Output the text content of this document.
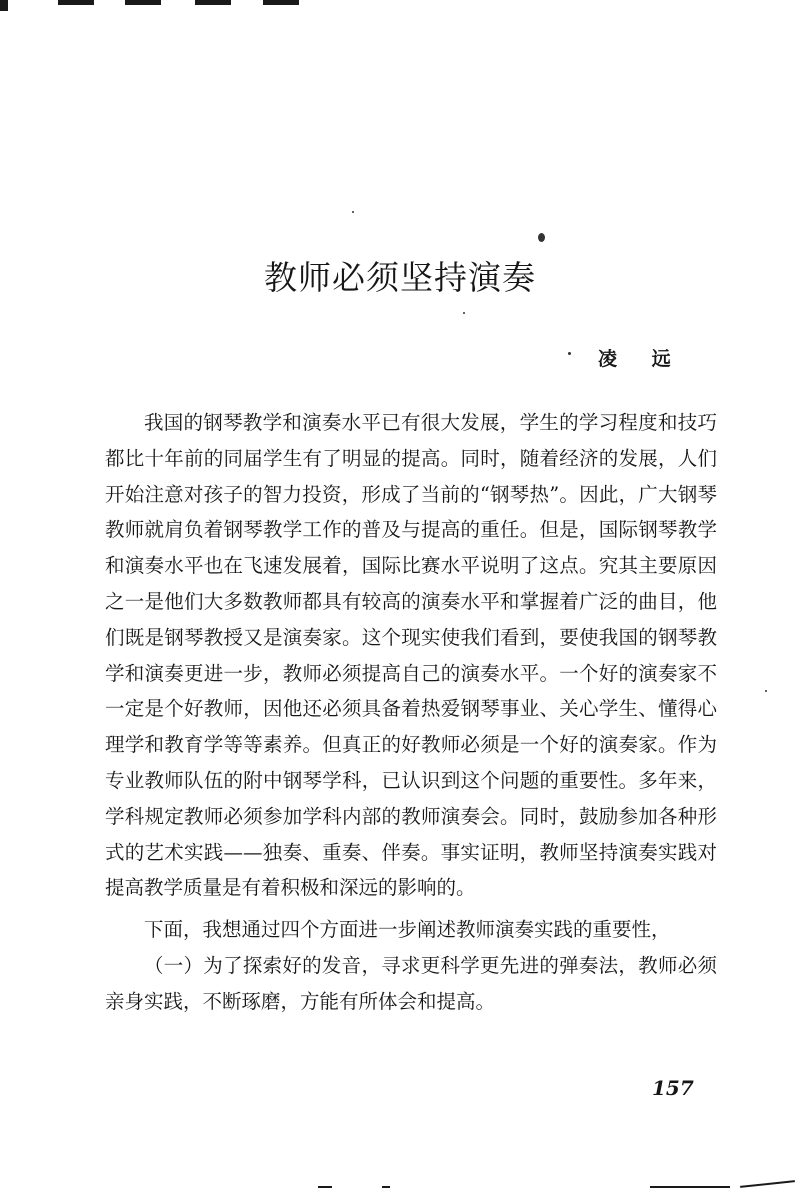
教师必须坚持演奏

凌 远

我国的钢琴教学和演奏水平已有很大发展，学生的学习程度和技巧都比十年前的同届学生有了明显的提高。同时，随着经济的发展，人们开始注意对孩子的智力投资，形成了当前的“钢琴热”。因此，广大钢琴教师就肩负着钢琴教学工作的普及与提高的重任。但是，国际钢琴教学和演奏水平也在飞速发展着，国际比赛水平说明了这点。究其主要原因之一是他们大多数教师都具有较高的演奏水平和掌握着广泛的曲目，他们既是钢琴教授又是演奏家。这个现实使我们看到，要使我国的钢琴教学和演奏更进一步，教师必须提高自己的演奏水平。一个好的演奏家不一定是个好教师，因他还必须具备着热爱钢琴事业、关心学生、懂得心理学和教育学等等素养。但真正的好教师必须是一个好的演奏家。作为专业教师队伍的附中钢琴学科，已认识到这个问题的重要性。多年来，学科规定教师必须参加学科内部的教师演奏会。同时，鼓励参加各种形式的艺术实践——独奏、重奏、伴奏。事实证明，教师坚持演奏实践对提高教学质量是有着积极和深远的影响的。

下面，我想通过四个方面进一步阐述教师演奏实践的重要性，

（一）为了探索好的发音，寻求更科学更先进的弹奏法，教师必须亲身实践，不断琢磨，方能有所体会和提高。

157
